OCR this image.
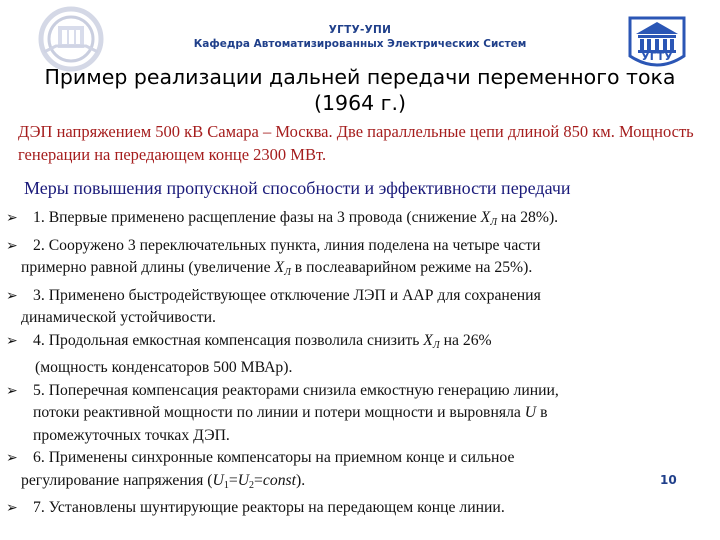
УГТУ
УГТУ-УПИ
Кафедра Автоматизированных Электрических Систем
Пример реализации дальней передачи переменного тока (1964 г.)
ДЭП напряжением 500 кВ Самара – Москва. Две параллельные цепи длиной 850 км. Мощность генерации на передающем конце 2300 МВт.
Меры повышения пропускной способности и эффективности передачи
➢ 1. Впервые применено расщепление фазы на 3 провода (снижение $X_Л$ на 28%).
➢ 2. Сооружено 3 переключательных пункта, линия поделена на четыре части
примерно равной длины (увеличение $X_Л$ в послеаварийном режиме на 25%).
➢ 3. Применено быстродействующее отключение ЛЭП и ААР для сохранения
динамической устойчивости.
➢ 4. Продольная емкостная компенсация позволила снизить $X_Л$ на 26%
(мощность конденсаторов 500 МВАр).
➢ 5. Поперечная компенсация реакторами снизила емкостную генерацию линии,
потоки реактивной мощности по линии и потери мощности и выровняла U в
промежуточных точках ДЭП.
➢ 6. Применены синхронные компенсаторы на приемном конце и сильное
регулирование напряжения $(U_1=U_2=const)$.
➢ 7. Установлены шунтирующие реакторы на передающем конце линии.
10
